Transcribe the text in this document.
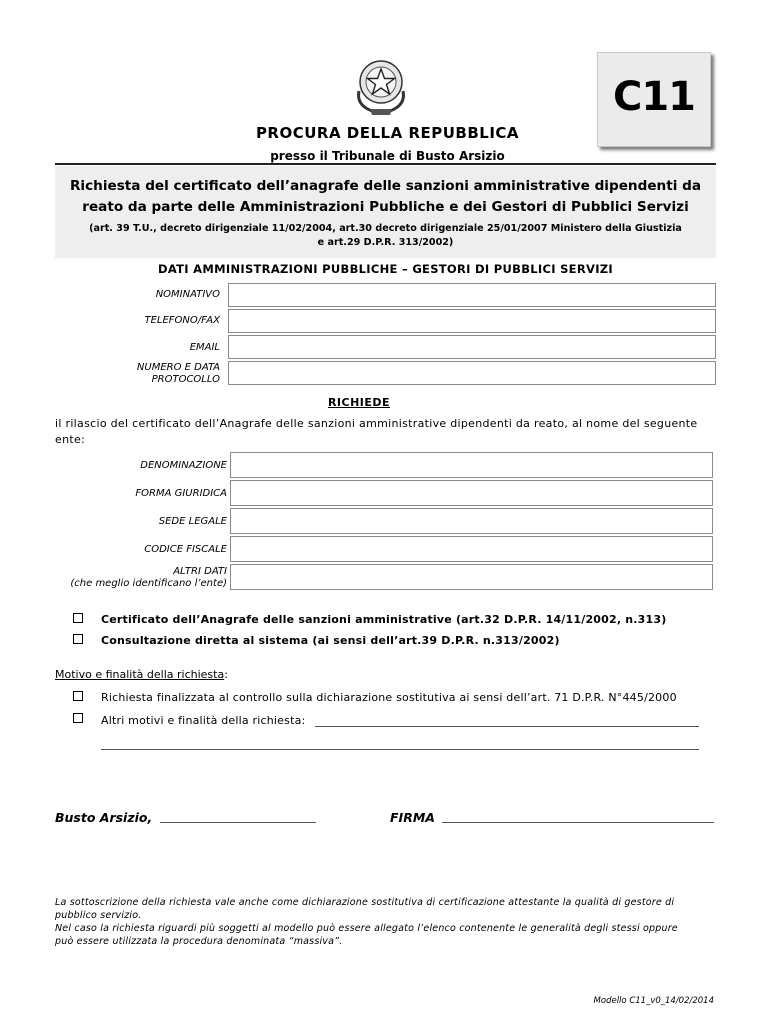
C11
PROCURA DELLA REPUBBLICA
presso il Tribunale di Busto Arsizio
Richiesta del certificato dell’anagrafe delle sanzioni amministrative dipendenti da
reato da parte delle Amministrazioni Pubbliche e dei Gestori di Pubblici Servizi
(art. 39 T.U., decreto dirigenziale 11/02/2004, art.30 decreto dirigenziale 25/01/2007 Ministero della Giustizia
e art.29 D.P.R. 313/2002)
DATI AMMINISTRAZIONI PUBBLICHE – GESTORI DI PUBBLICI SERVIZI
NOMINATIVO
TELEFONO/FAX
EMAIL
NUMERO E DATA
PROTOCOLLO
RICHIEDE
il rilascio del certificato dell’Anagrafe delle sanzioni amministrative dipendenti da reato, al nome del seguente
ente:
DENOMINAZIONE
FORMA GIURIDICA
SEDE LEGALE
CODICE FISCALE
ALTRI DATI
(che meglio identificano l’ente)
Certificato dell’Anagrafe delle sanzioni amministrative (art.32 D.P.R. 14/11/2002, n.313)
Consultazione diretta al sistema (ai sensi dell’art.39 D.P.R. n.313/2002)
Motivo e finalità della richiesta:
Richiesta finalizzata al controllo sulla dichiarazione sostitutiva ai sensi dell’art. 71 D.P.R. N°445/2000
Altri motivi e finalità della richiesta:
Busto Arsizio,	FIRMA
La sottoscrizione della richiesta vale anche come dichiarazione sostitutiva di certificazione attestante la qualità di gestore di
pubblico servizio.
Nel caso la richiesta riguardi più soggetti al modello può essere allegato l’elenco contenente le generalità degli stessi oppure
può essere utilizzata la procedura denominata “massiva”.
Modello C11_v0_14/02/2014
